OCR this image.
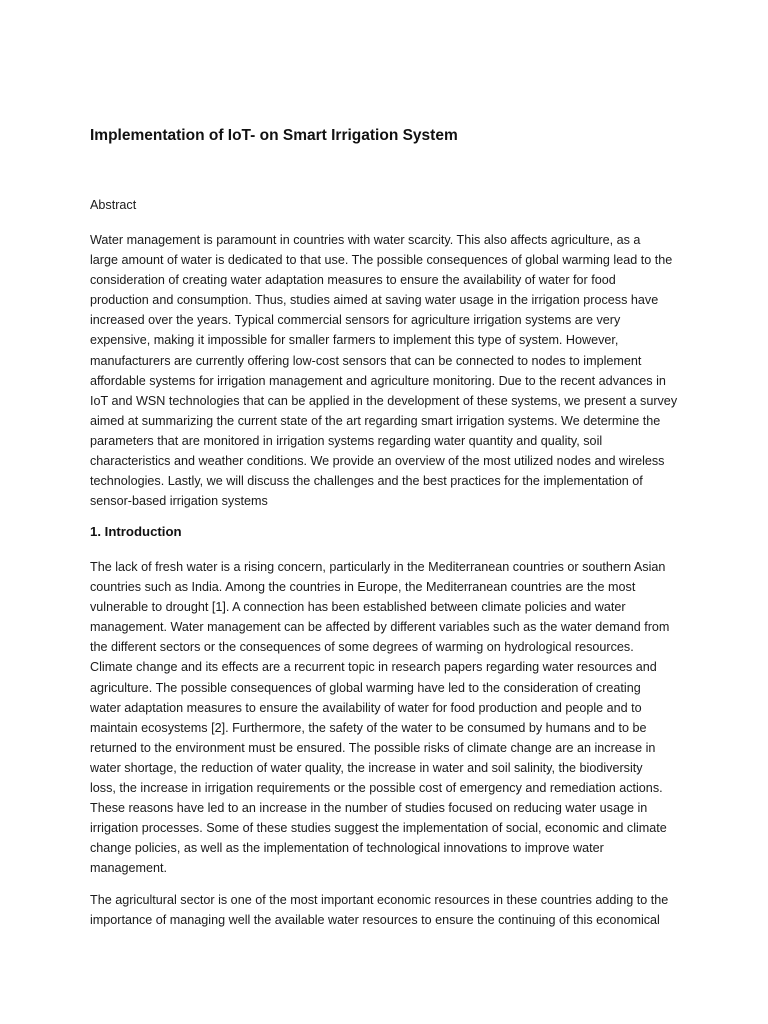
Implementation of IoT- on Smart Irrigation System
Abstract

Water management is paramount in countries with water scarcity. This also affects agriculture, as a
large amount of water is dedicated to that use. The possible consequences of global warming lead to the
consideration of creating water adaptation measures to ensure the availability of water for food
production and consumption. Thus, studies aimed at saving water usage in the irrigation process have
increased over the years. Typical commercial sensors for agriculture irrigation systems are very
expensive, making it impossible for smaller farmers to implement this type of system. However,
manufacturers are currently offering low-cost sensors that can be connected to nodes to implement
affordable systems for irrigation management and agriculture monitoring. Due to the recent advances in
IoT and WSN technologies that can be applied in the development of these systems, we present a survey
aimed at summarizing the current state of the art regarding smart irrigation systems. We determine the
parameters that are monitored in irrigation systems regarding water quantity and quality, soil
characteristics and weather conditions. We provide an overview of the most utilized nodes and wireless
technologies. Lastly, we will discuss the challenges and the best practices for the implementation of
sensor-based irrigation systems

1. Introduction

The lack of fresh water is a rising concern, particularly in the Mediterranean countries or southern Asian
countries such as India. Among the countries in Europe, the Mediterranean countries are the most
vulnerable to drought [1]. A connection has been established between climate policies and water
management. Water management can be affected by different variables such as the water demand from
the different sectors or the consequences of some degrees of warming on hydrological resources.
Climate change and its effects are a recurrent topic in research papers regarding water resources and
agriculture. The possible consequences of global warming have led to the consideration of creating
water adaptation measures to ensure the availability of water for food production and people and to
maintain ecosystems [2]. Furthermore, the safety of the water to be consumed by humans and to be
returned to the environment must be ensured. The possible risks of climate change are an increase in
water shortage, the reduction of water quality, the increase in water and soil salinity, the biodiversity
loss, the increase in irrigation requirements or the possible cost of emergency and remediation actions.
These reasons have led to an increase in the number of studies focused on reducing water usage in
irrigation processes. Some of these studies suggest the implementation of social, economic and climate
change policies, as well as the implementation of technological innovations to improve water
management.

The agricultural sector is one of the most important economic resources in these countries adding to the
importance of managing well the available water resources to ensure the continuing of this economical
